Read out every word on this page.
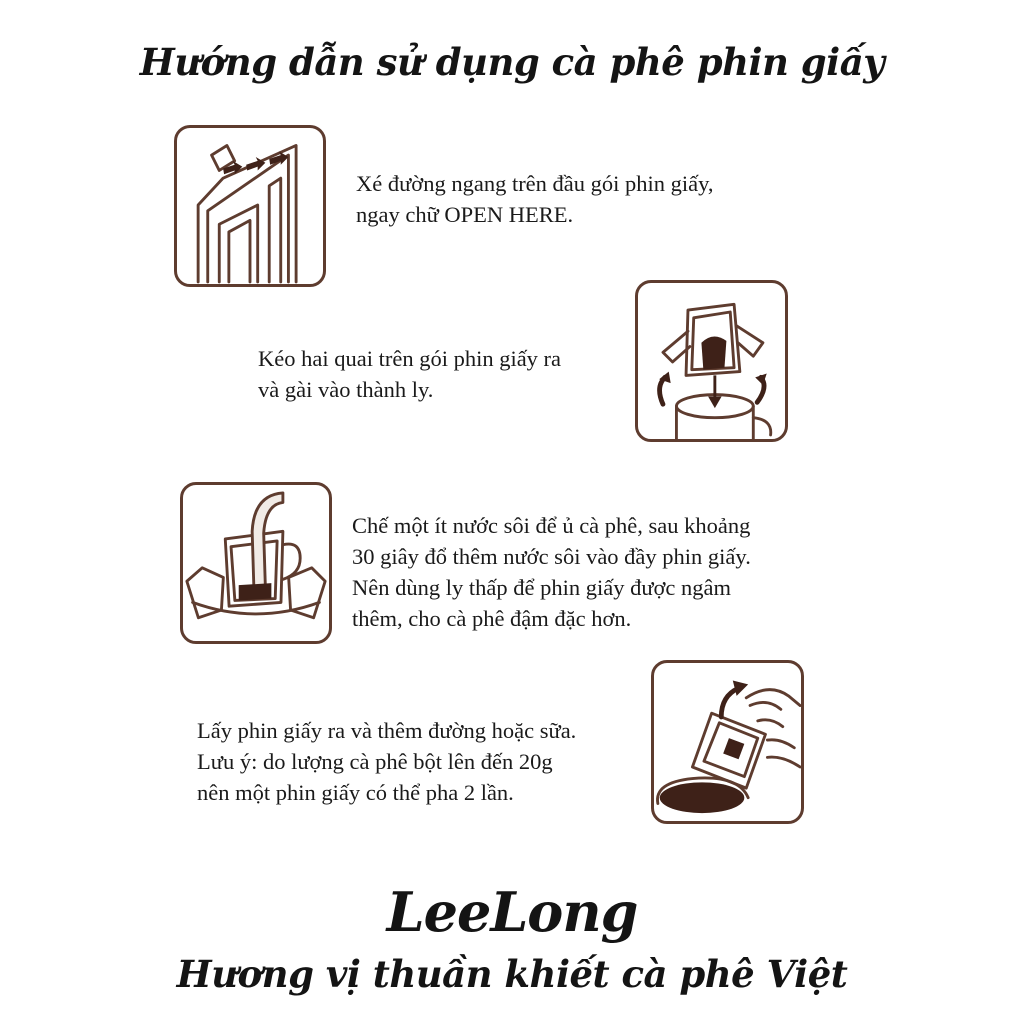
Hướng dẫn sử dụng cà phê phin giấy
Xé đường ngang trên đầu gói phin giấy,
ngay chữ OPEN HERE.
Kéo hai quai trên gói phin giấy ra
và gài vào thành ly.
Chế một ít nước sôi để ủ cà phê, sau khoảng
30 giây đổ thêm nước sôi vào đầy phin giấy.
Nên dùng ly thấp để phin giấy được ngâm
thêm, cho cà phê đậm đặc hơn.
Lấy phin giấy ra và thêm đường hoặc sữa.
Lưu ý: do lượng cà phê bột lên đến 20g
nên một phin giấy có thể pha 2 lần.
LeeLong
Hương vị thuần khiết cà phê Việt
